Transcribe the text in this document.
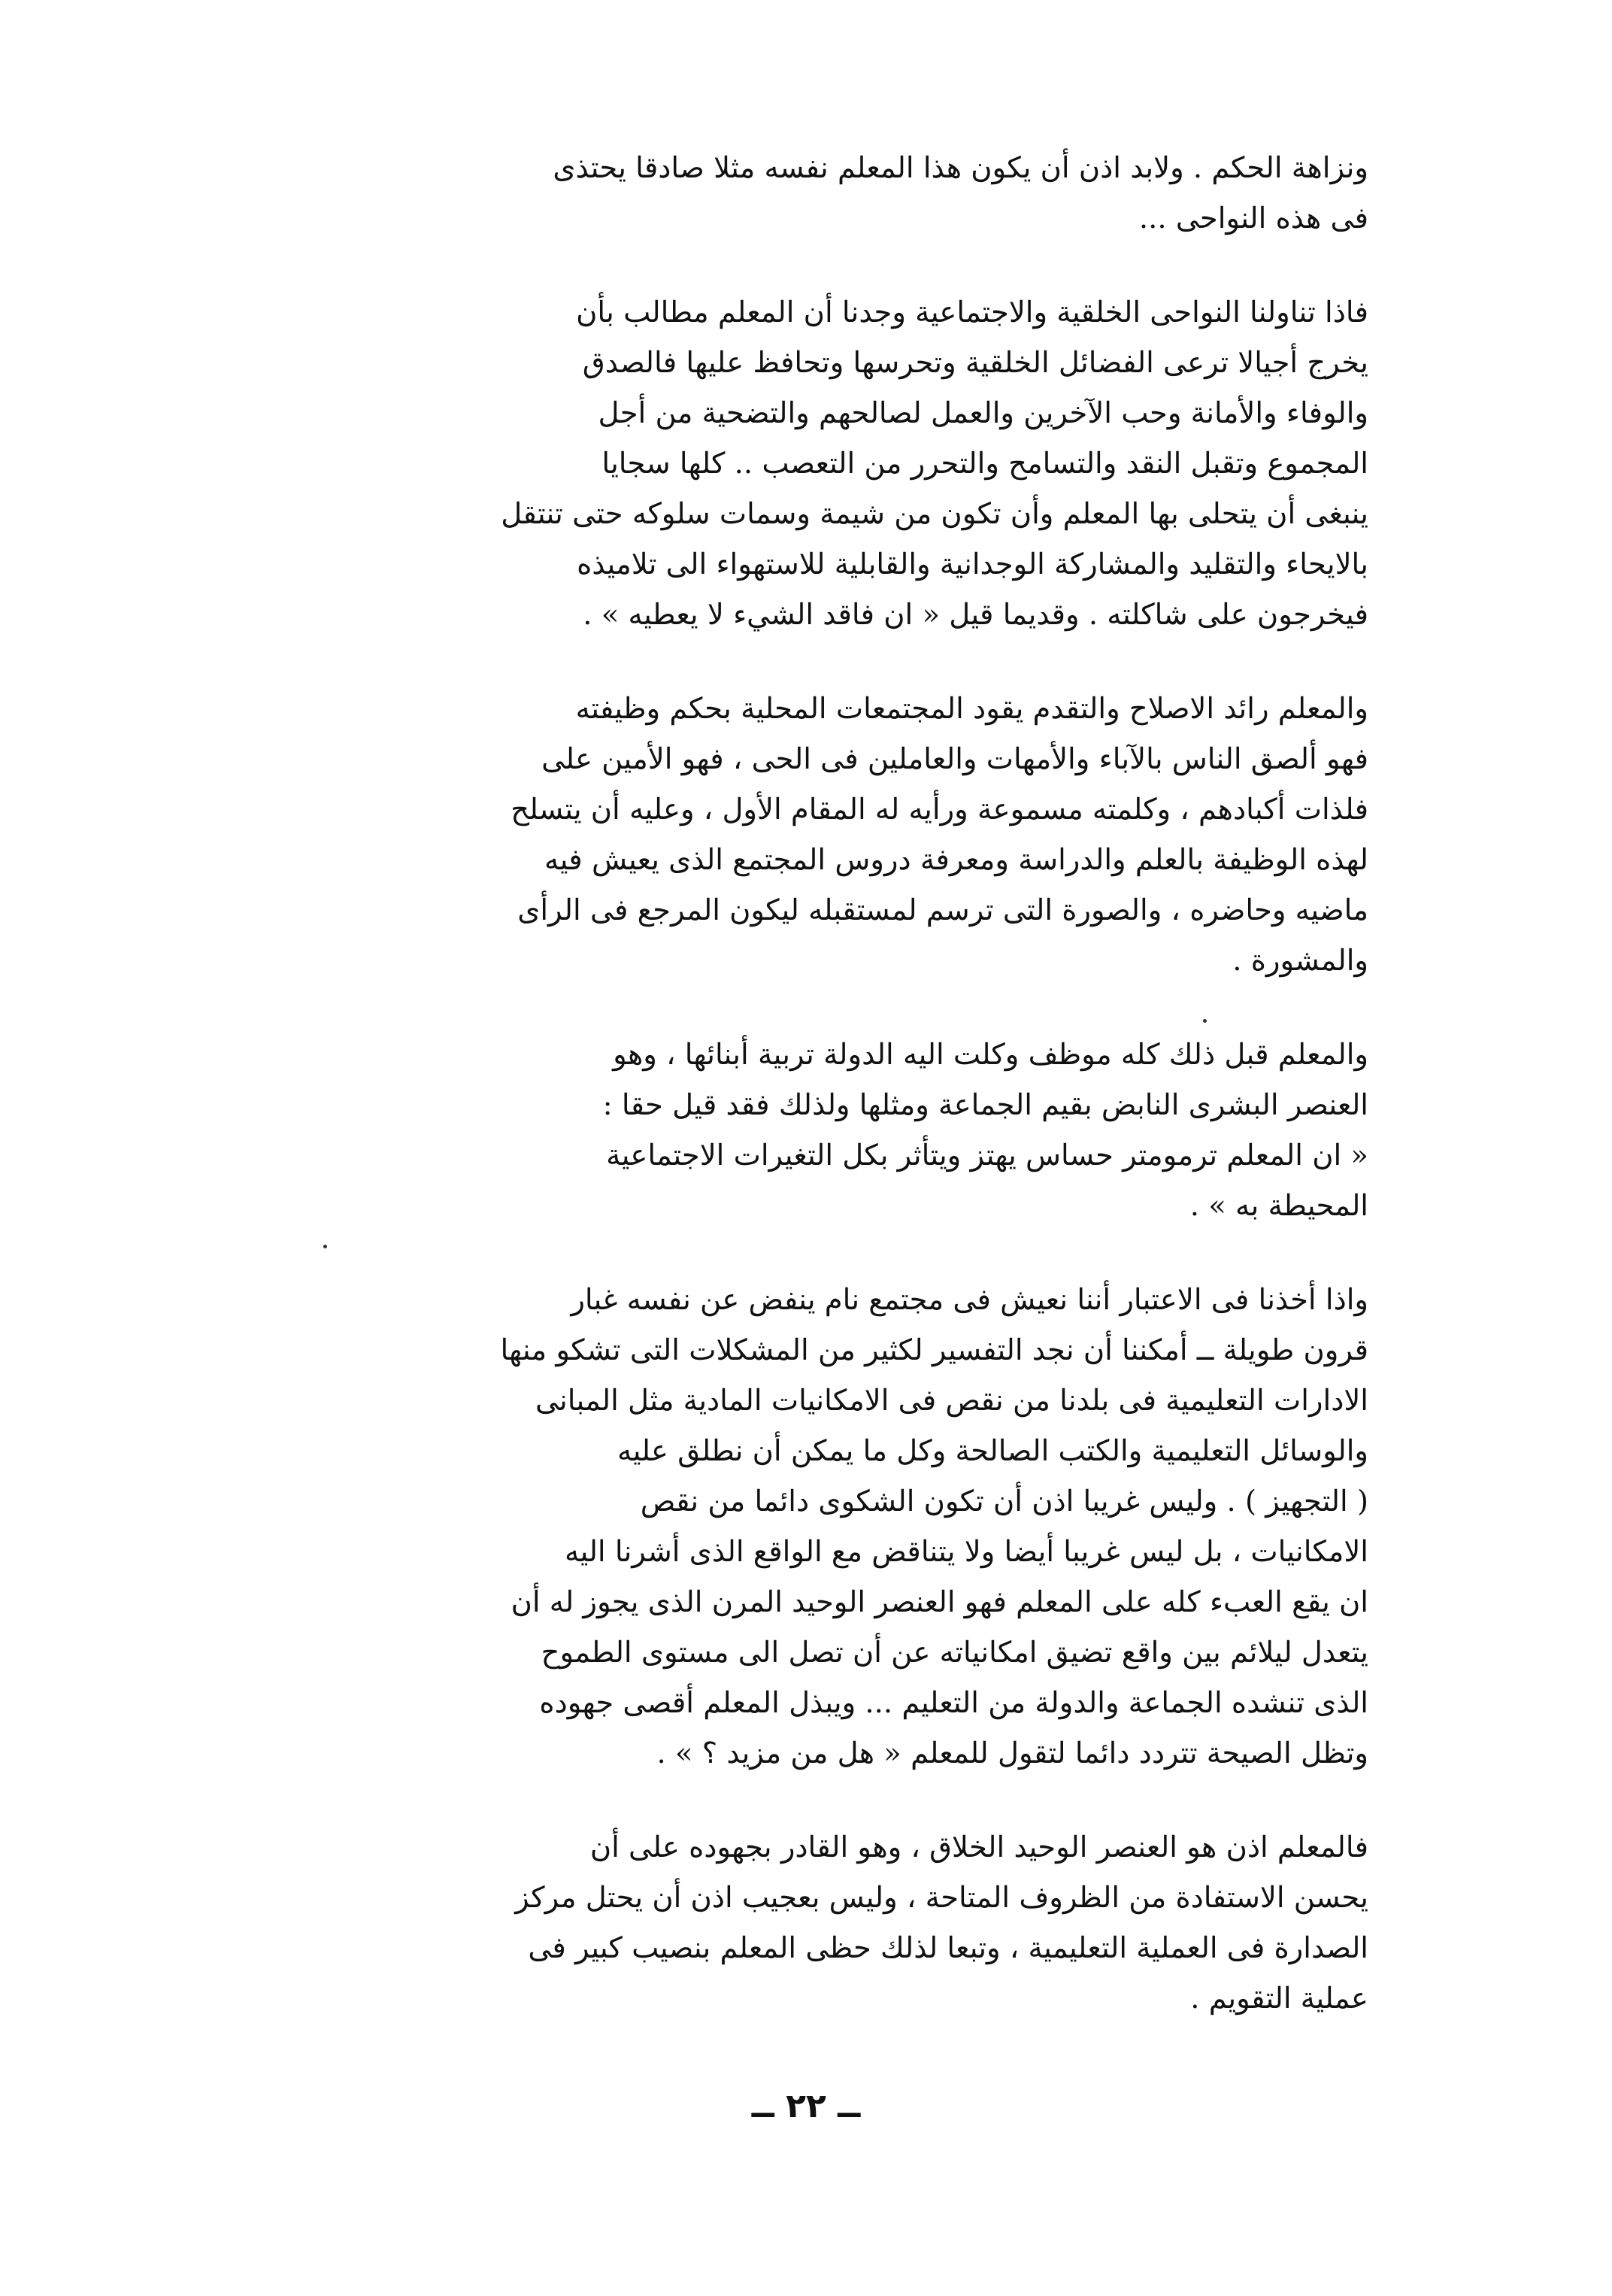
ونزاهة الحكم . ولابد اذن أن يكون هذا المعلم نفسه مثلا صادقا يحتذى
فى هذه النواحى ...

فاذا تناولنا النواحى الخلقية والاجتماعية وجدنا أن المعلم مطالب بأن
يخرج أجيالا ترعى الفضائل الخلقية وتحرسها وتحافظ عليها فالصدق
والوفاء والأمانة وحب الآخرين والعمل لصالحهم والتضحية من أجل
المجموع وتقبل النقد والتسامح والتحرر من التعصب .. كلها سجايا
ينبغى أن يتحلى بها المعلم وأن تكون من شيمة وسمات سلوكه حتى تنتقل
بالايحاء والتقليد والمشاركة الوجدانية والقابلية للاستهواء الى تلاميذه
فيخرجون على شاكلته . وقديما قيل « ان فاقد الشيء لا يعطيه » .

والمعلم رائد الاصلاح والتقدم يقود المجتمعات المحلية بحكم وظيفته
فهو ألصق الناس بالآباء والأمهات والعاملين فى الحى ، فهو الأمين على
فلذات أكبادهم ، وكلمته مسموعة ورأيه له المقام الأول ، وعليه أن يتسلح
لهذه الوظيفة بالعلم والدراسة ومعرفة دروس المجتمع الذى يعيش فيه
ماضيه وحاضره ، والصورة التى ترسم لمستقبله ليكون المرجع فى الرأى
والمشورة .

والمعلم قبل ذلك كله موظف وكلت اليه الدولة تربية أبنائها ، وهو
العنصر البشرى النابض بقيم الجماعة ومثلها ولذلك فقد قيل حقا :
« ان المعلم ترمومتر حساس يهتز ويتأثر بكل التغيرات الاجتماعية
المحيطة به » .

واذا أخذنا فى الاعتبار أننا نعيش فى مجتمع نام ينفض عن نفسه غبار
قرون طويلة ــ أمكننا أن نجد التفسير لكثير من المشكلات التى تشكو منها
الادارات التعليمية فى بلدنا من نقص فى الامكانيات المادية مثل المبانى
والوسائل التعليمية والكتب الصالحة وكل ما يمكن أن نطلق عليه
( التجهيز ) . وليس غريبا اذن أن تكون الشكوى دائما من نقص
الامكانيات ، بل ليس غريبا أيضا ولا يتناقض مع الواقع الذى أشرنا اليه
ان يقع العبء كله على المعلم فهو العنصر الوحيد المرن الذى يجوز له أن
يتعدل ليلائم بين واقع تضيق امكانياته عن أن تصل الى مستوى الطموح
الذى تنشده الجماعة والدولة من التعليم ... ويبذل المعلم أقصى جهوده
وتظل الصيحة تتردد دائما لتقول للمعلم « هل من مزيد ؟ » .

فالمعلم اذن هو العنصر الوحيد الخلاق ، وهو القادر بجهوده على أن
يحسن الاستفادة من الظروف المتاحة ، وليس بعجيب اذن أن يحتل مركز
الصدارة فى العملية التعليمية ، وتبعا لذلك حظى المعلم بنصيب كبير فى
عملية التقويم .

ــ ٢٢ ــ
